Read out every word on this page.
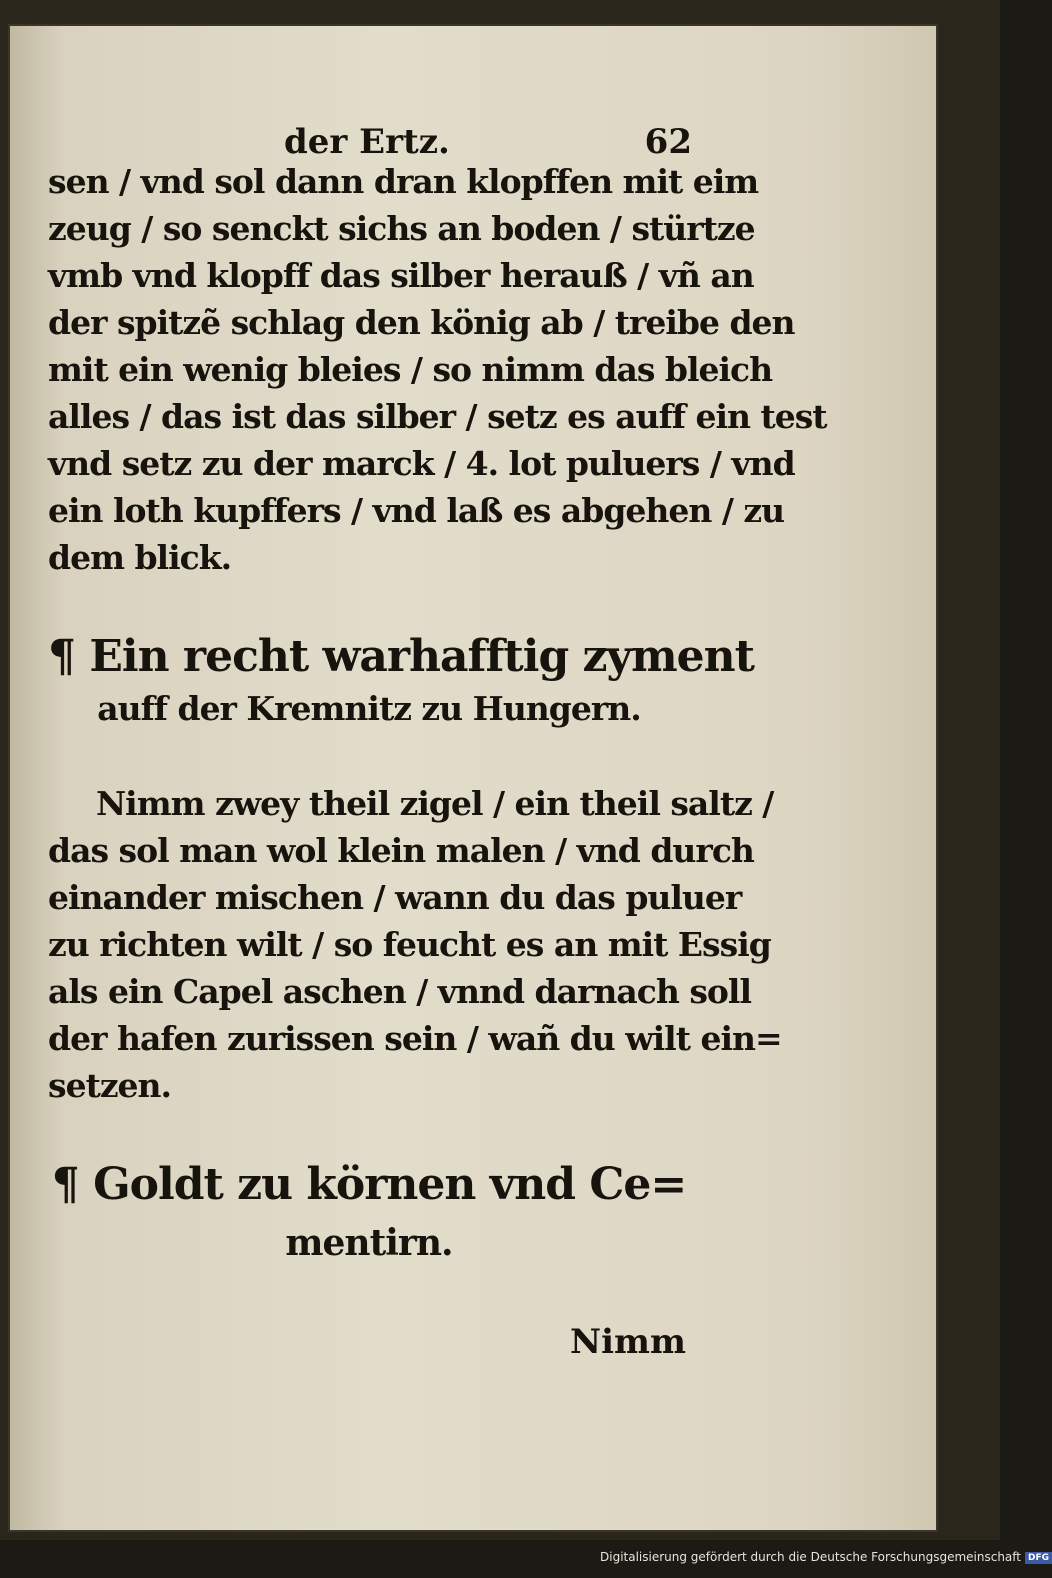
der Ertz.	62
sen / vnd sol dann dran klopffen mit eim
zeug / so senckt sichs an boden / stürtze
vmb vnd klopff das silber herauß / vñ an
der spitzẽ schlag den könig ab / treibe den
mit ein wenig bleies / so nimm das bleich
alles / das ist das silber / setz es auff ein test
vnd setz zu der marck / 4. lot puluers / vnd
ein loth kupffers / vnd laß es abgehen / zu
dem blick.
¶ Ein recht warhafftig zyment
auff der Kremnitz zu Hungern.
Nimm zwey theil zigel / ein theil saltz /
das sol man wol klein malen / vnd durch
einander mischen / wann du das puluer
zu richten wilt / so feucht es an mit Essig
als ein Capel aschen / vnnd darnach soll
der hafen zurissen sein / wañ du wilt ein=
setzen.
¶ Goldt zu körnen vnd Ce=
mentirn.
Nimm
Digitalisierung gefördert durch die Deutsche Forschungsgemeinschaft DFG
